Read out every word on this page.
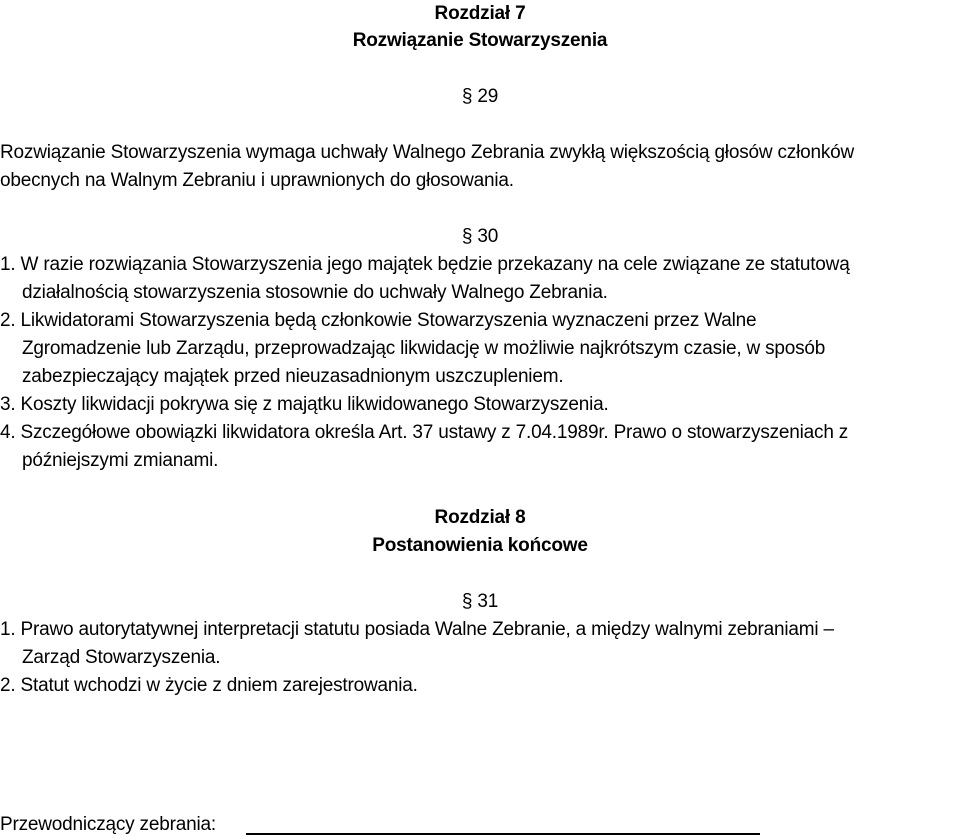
Rozdział 7
Rozwiązanie Stowarzyszenia
§ 29
Rozwiązanie Stowarzyszenia wymaga uchwały Walnego Zebrania zwykłą większością głosów członków
obecnych na Walnym Zebraniu i uprawnionych do głosowania.
§ 30
1. W razie rozwiązania Stowarzyszenia jego majątek będzie przekazany na cele związane ze statutową
działalnością stowarzyszenia stosownie do uchwały Walnego Zebrania.
2. Likwidatorami Stowarzyszenia będą członkowie Stowarzyszenia wyznaczeni przez Walne
Zgromadzenie lub Zarządu, przeprowadzając likwidację w możliwie najkrótszym czasie, w sposób
zabezpieczający majątek przed nieuzasadnionym uszczupleniem.
3. Koszty likwidacji pokrywa się z majątku likwidowanego Stowarzyszenia.
4. Szczegółowe obowiązki likwidatora określa Art. 37 ustawy z 7.04.1989r. Prawo o stowarzyszeniach z
późniejszymi zmianami.
Rozdział 8
Postanowienia końcowe
§ 31
1. Prawo autorytatywnej interpretacji statutu posiada Walne Zebranie, a między walnymi zebraniami –
Zarząd Stowarzyszenia.
2. Statut wchodzi w życie z dniem zarejestrowania.
Przewodniczący zebrania:
